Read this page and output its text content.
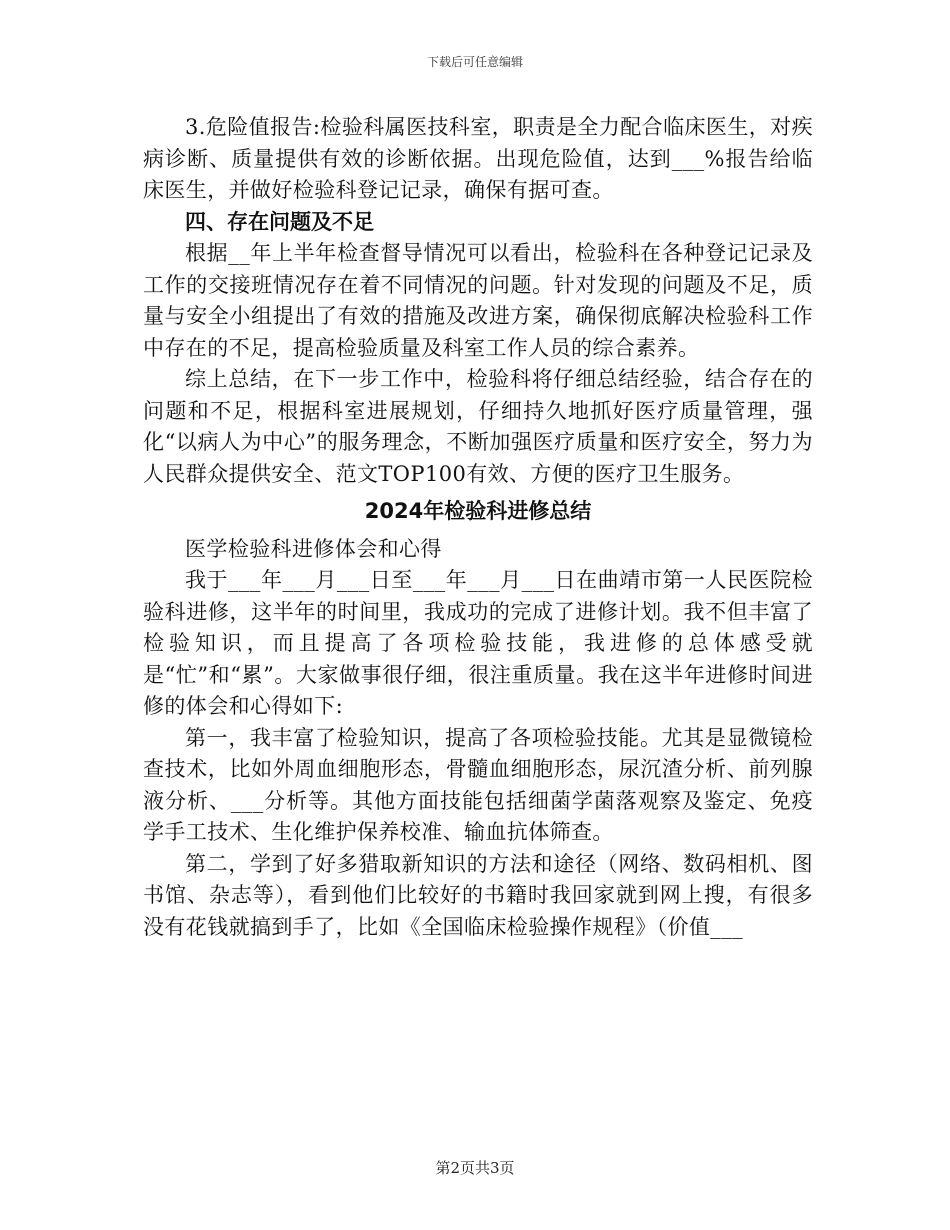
下载后可任意编辑

3.危险值报告:检验科属医技科室，职责是全力配合临床医生，对疾病诊断、质量提供有效的诊断依据。出现危险值，达到___%报告给临床医生，并做好检验科登记记录，确保有据可查。

四、存在问题及不足

根据__年上半年检查督导情况可以看出，检验科在各种登记记录及工作的交接班情况存在着不同情况的问题。针对发现的问题及不足，质量与安全小组提出了有效的措施及改进方案，确保彻底解决检验科工作中存在的不足，提高检验质量及科室工作人员的综合素养。

综上总结，在下一步工作中，检验科将仔细总结经验，结合存在的问题和不足，根据科室进展规划，仔细持久地抓好医疗质量管理，强化“以病人为中心”的服务理念，不断加强医疗质量和医疗安全，努力为人民群众提供安全、范文TOP100有效、方便的医疗卫生服务。

2024年检验科进修总结

医学检验科进修体会和心得

我于___年___月___日至___年___月___日在曲靖市第一人民医院检验科进修，这半年的时间里，我成功的完成了进修计划。我不但丰富了检验知识，而且提高了各项检验技能，我进修的总体感受就是“忙”和“累”。大家做事很仔细，很注重质量。我在这半年进修时间进修的体会和心得如下:

第一，我丰富了检验知识，提高了各项检验技能。尤其是显微镜检查技术，比如外周血细胞形态，骨髓血细胞形态，尿沉渣分析、前列腺液分析、___分析等。其他方面技能包括细菌学菌落观察及鉴定、免疫学手工技术、生化维护保养校准、输血抗体筛查。

第二，学到了好多猎取新知识的方法和途径（网络、数码相机、图书馆、杂志等），看到他们比较好的书籍时我回家就到网上搜，有很多没有花钱就搞到手了，比如《全国临床检验操作规程》（价值___

第2页共3页
